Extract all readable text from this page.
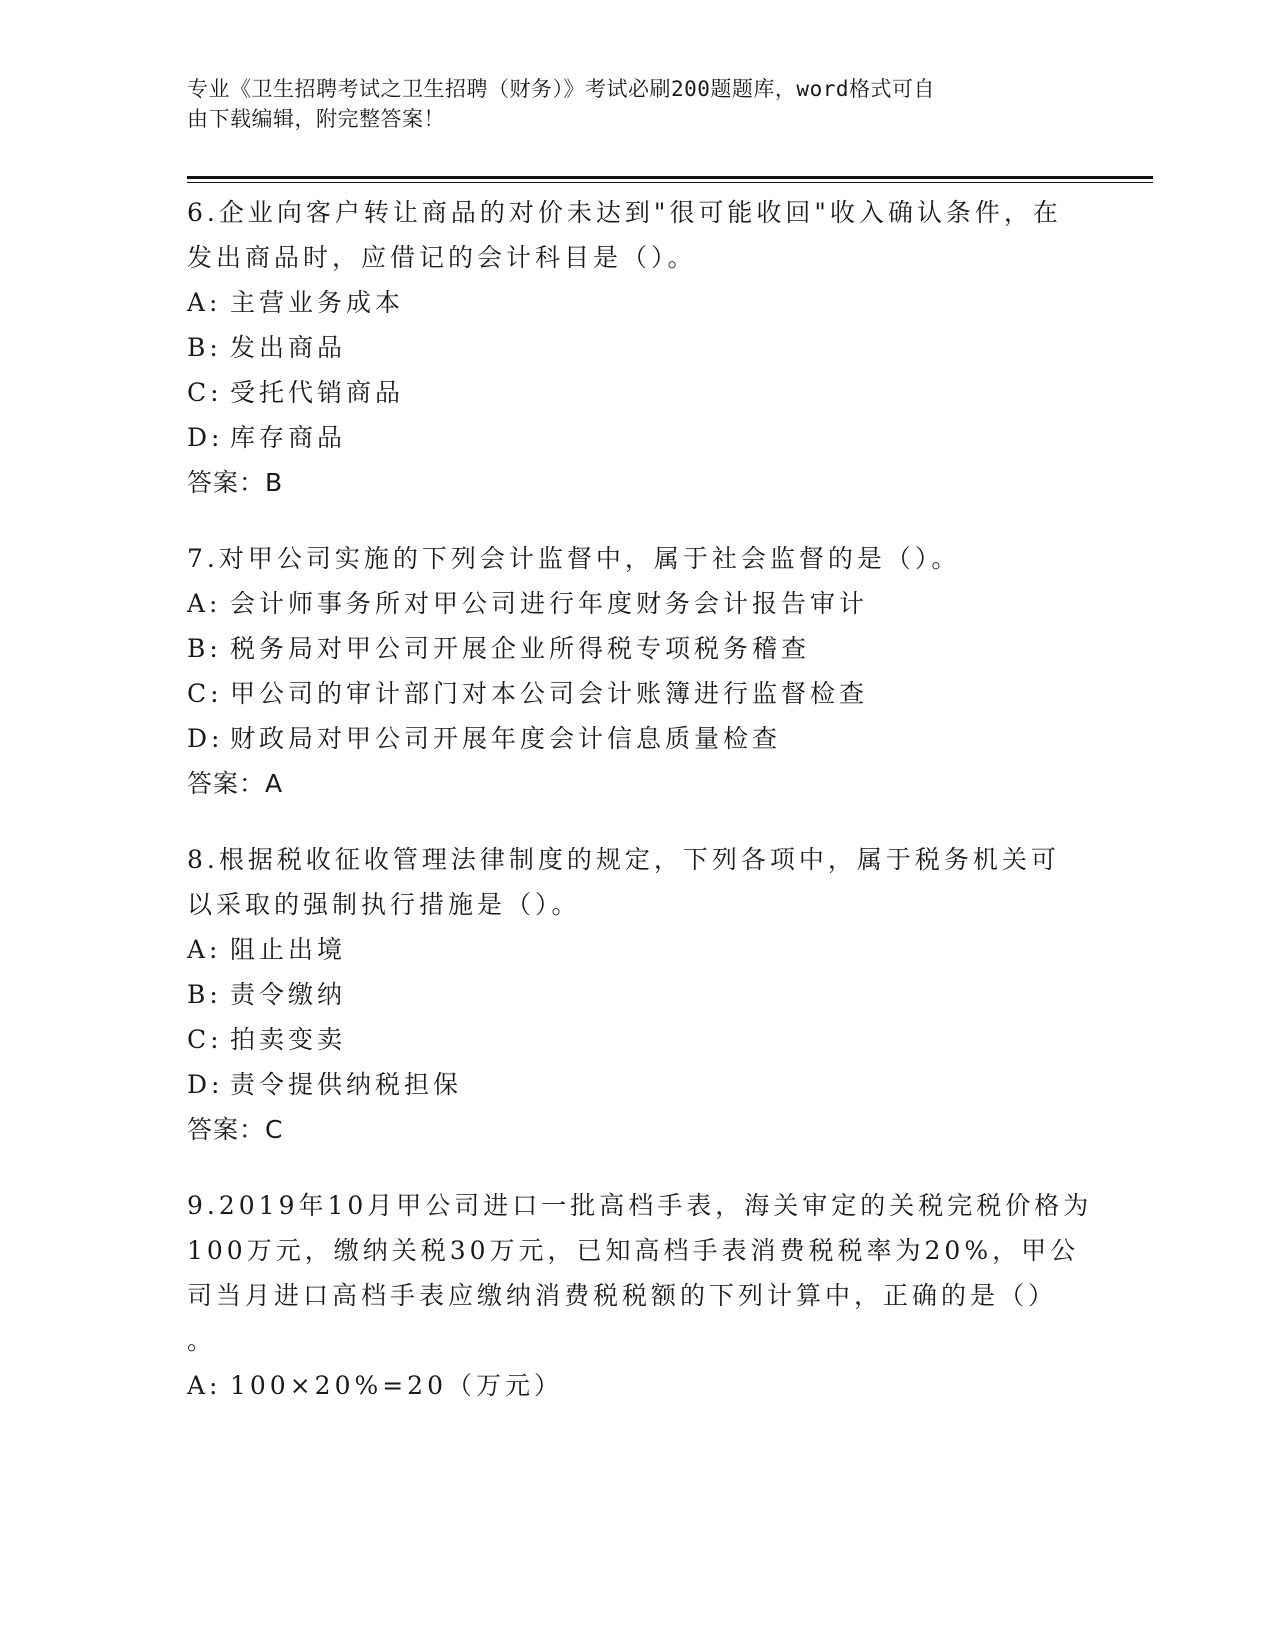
专业《卫生招聘考试之卫生招聘（财务）》考试必刷200题题库，word格式可自
由下载编辑，附完整答案！
6.企业向客户转让商品的对价未达到"很可能收回"收入确认条件，在
发出商品时，应借记的会计科目是（）。
A: 主营业务成本
B: 发出商品
C: 受托代销商品
D: 库存商品
答案：B
7.对甲公司实施的下列会计监督中，属于社会监督的是（）。
A: 会计师事务所对甲公司进行年度财务会计报告审计
B: 税务局对甲公司开展企业所得税专项税务稽查
C: 甲公司的审计部门对本公司会计账簿进行监督检查
D: 财政局对甲公司开展年度会计信息质量检查
答案：A
8.根据税收征收管理法律制度的规定，下列各项中，属于税务机关可
以采取的强制执行措施是（）。
A: 阻止出境
B: 责令缴纳
C: 拍卖变卖
D: 责令提供纳税担保
答案：C
9.2019年10月甲公司进口一批高档手表，海关审定的关税完税价格为
100万元，缴纳关税30万元，已知高档手表消费税税率为20%，甲公
司当月进口高档手表应缴纳消费税税额的下列计算中，正确的是（）
。
A: 100×20%=20（万元）
